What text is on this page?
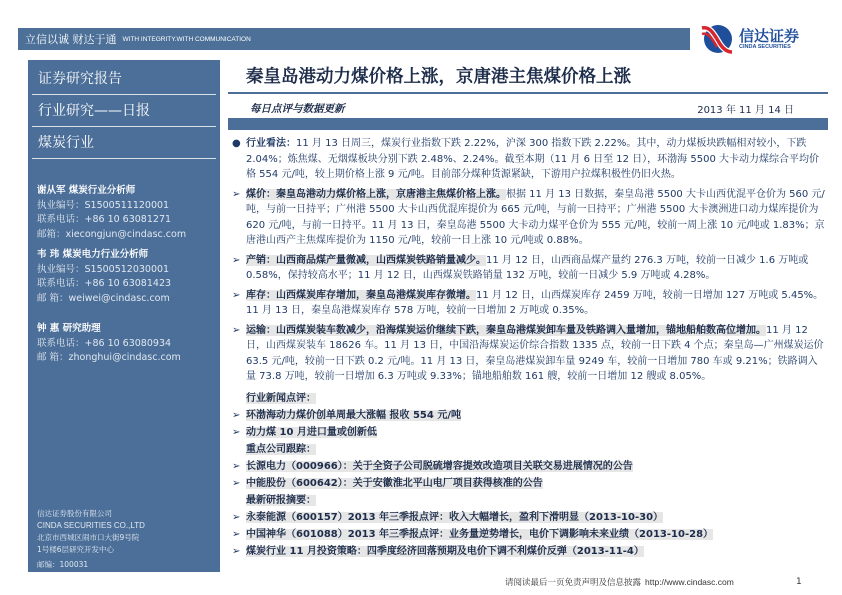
立信以诚 财达于通 WITH INTEGRITY.WITH COMMUNICATION	信达证券
CINDA SECURITIES
证券研究报告
行业研究——日报
煤炭行业
谢从军 煤炭行业分析师
执业编号：S1500511120001
联系电话：+86 10 63081271
邮箱：xiecongjun@cindasc.com
韦 玮 煤炭电力行业分析师
执业编号：S1500512030001
联系电话：+86 10 63081423
邮 箱：weiwei@cindasc.com
钟 惠 研究助理
联系电话：+86 10 63080934
邮 箱：zhonghui@cindasc.com
信达证券股份有限公司
CINDA SECURITIES CO.,LTD
北京市西城区闹市口大街9号院
1号楼6层研究开发中心
邮编：100031
秦皇岛港动力煤价格上涨，京唐港主焦煤价格上涨
每日点评与数据更新	2013 年 11 月 14 日
● 行业看法：11 月 13 日周三，煤炭行业指数下跌 2.22%，沪深 300 指数下跌 2.22%。其中，动力煤板块跌幅相对较小，下跌 2.04%；炼焦煤、无烟煤板块分别下跌 2.48%、2.24%。截至本期（11 月 6 日至 12 日），环渤海 5500 大卡动力煤综合平均价格 554 元/吨，较上期价格上涨 9 元/吨。目前部分煤种货源紧缺，下游用户拉煤积极性仍旧火热。
➢ 煤价：秦皇岛港动力煤价格上涨，京唐港主焦煤价格上涨。根据 11 月 13 日数据，秦皇岛港 5500 大卡山西优混平仓价为 560 元/吨，与前一日持平；广州港 5500 大卡山西优混库提价为 665 元/吨，与前一日持平；广州港 5500 大卡澳洲进口动力煤库提价为 620 元/吨，与前一日持平。11 月 13 日，秦皇岛港 5500 大卡动力煤平仓价为 555 元/吨，较前一周上涨 10 元/吨或 1.83%；京唐港山西产主焦煤库提价为 1150 元/吨，较前一日上涨 10 元/吨或 0.88%。
➢ 产销：山西商品煤产量微减，山西煤炭铁路销量减少。11 月 12 日，山西商品煤产量约 276.3 万吨，较前一日减少 1.6 万吨或 0.58%，保持较高水平；11 月 12 日，山西煤炭铁路销量 132 万吨，较前一日减少 5.9 万吨或 4.28%。
➢ 库存：山西煤炭库存增加，秦皇岛港煤炭库存微增。11 月 12 日，山西煤炭库存 2459 万吨，较前一日增加 127 万吨或 5.45%。11 月 13 日，秦皇岛港煤炭库存 578 万吨，较前一日增加 2 万吨或 0.35%。
➢ 运输：山西煤炭装车数减少，沿海煤炭运价继续下跌，秦皇岛港煤炭卸车量及铁路调入量增加，锚地船舶数高位增加。11 月 12 日，山西煤炭装车 18626 车。11 月 13 日，中国沿海煤炭运价综合指数 1335 点，较前一日下跌 4 个点；秦皇岛—广州煤炭运价 63.5 元/吨，较前一日下跌 0.2 元/吨。11 月 13 日，秦皇岛港煤炭卸车量 9249 车，较前一日增加 780 车或 9.21%；铁路调入量 73.8 万吨，较前一日增加 6.3 万吨或 9.33%；锚地船舶数 161 艘，较前一日增加 12 艘或 8.05%。
行业新闻点评：
➢ 环渤海动力煤价创单周最大涨幅 报收 554 元/吨
➢ 动力煤 10 月进口量或创新低
重点公司跟踪：
➢ 长源电力（000966）：关于全资子公司脱硫增容提效改造项目关联交易进展情况的公告
➢ 中能股份（600642）：关于安徽淮北平山电厂项目获得核准的公告
最新研报摘要：
➢ 永泰能源（600157）2013 年三季报点评：收入大幅增长，盈利下滑明显（2013-10-30）
➢ 中国神华（601088）2013 年三季报点评：业务量逆势增长，电价下调影响未来业绩（2013-10-28）
➢ 煤炭行业 11 月投资策略：四季度经济回落预期及电价下调不利煤价反弹（2013-11-4）
请阅读最后一页免责声明及信息披露 http://www.cindasc.com	1
